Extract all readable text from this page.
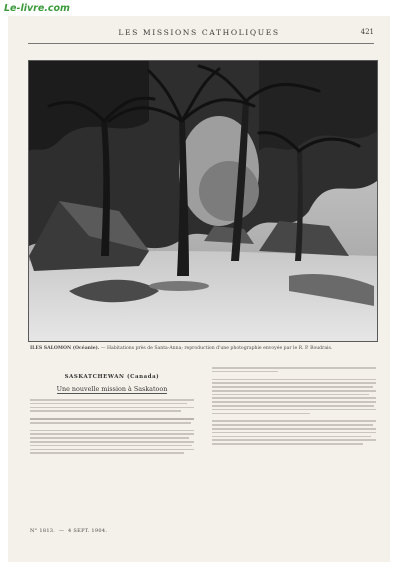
Le-livre.com
LES MISSIONS CATHOLIQUES	421
ILES SALOMON (Océanie). — Habitations près de Santa-Anna; reproduction d'une photographie envoyée par le R. P. Boudrais.
SASKATCHEWAN (Canada)
Une nouvelle mission à Saskatoon
N° 1813.  —  4 SEPT. 1904.
